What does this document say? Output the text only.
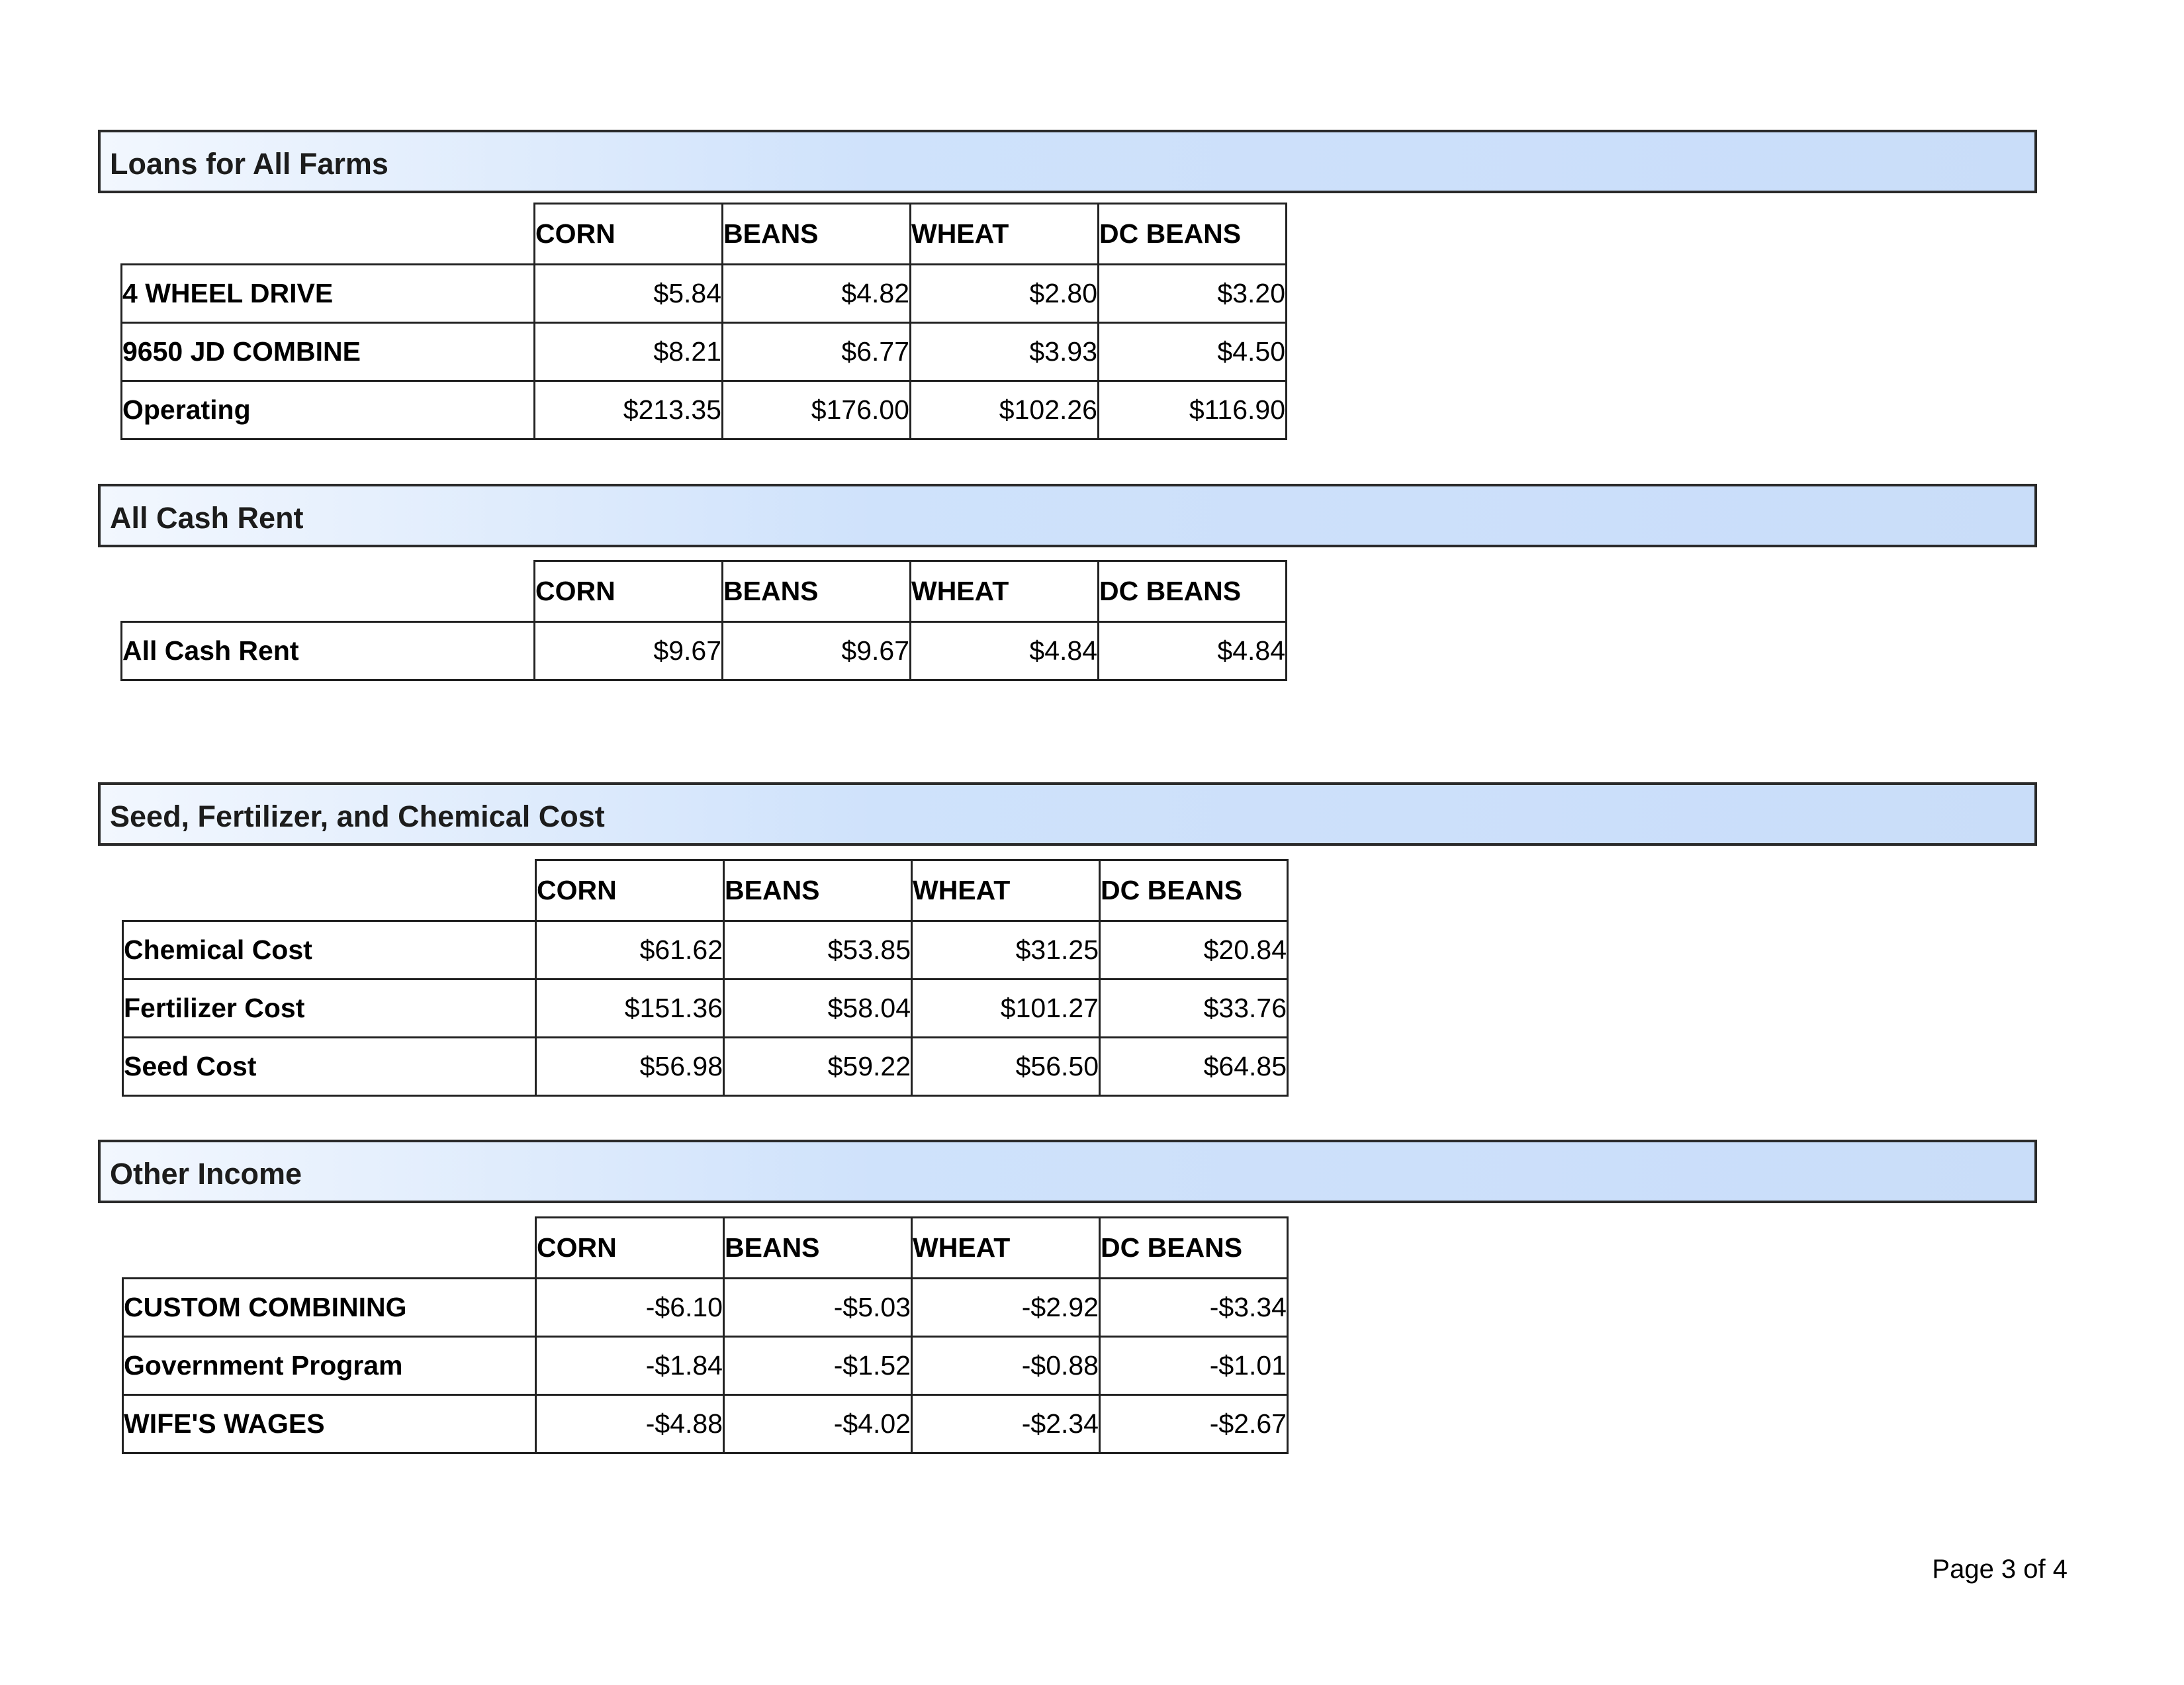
Loans for All Farms
	CORN	BEANS	WHEAT	DC BEANS
4 WHEEL DRIVE	$5.84	$4.82	$2.80	$3.20
9650 JD COMBINE	$8.21	$6.77	$3.93	$4.50
Operating	$213.35	$176.00	$102.26	$116.90
All Cash Rent
	CORN	BEANS	WHEAT	DC BEANS
All Cash Rent	$9.67	$9.67	$4.84	$4.84
Seed, Fertilizer, and Chemical Cost
	CORN	BEANS	WHEAT	DC BEANS
Chemical Cost	$61.62	$53.85	$31.25	$20.84
Fertilizer Cost	$151.36	$58.04	$101.27	$33.76
Seed Cost	$56.98	$59.22	$56.50	$64.85
Other Income
	CORN	BEANS	WHEAT	DC BEANS
CUSTOM COMBINING	-$6.10	-$5.03	-$2.92	-$3.34
Government Program	-$1.84	-$1.52	-$0.88	-$1.01
WIFE'S WAGES	-$4.88	-$4.02	-$2.34	-$2.67
Page 3 of 4
